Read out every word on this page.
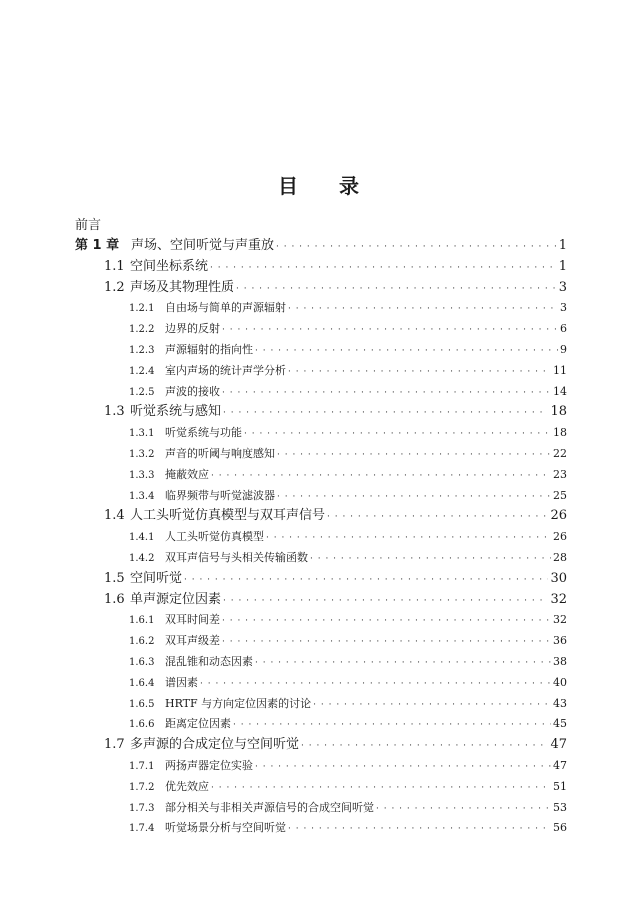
目 录
前言
第 1 章 声场、空间听觉与声重放 · · ·	1
1.1 空间坐标系统 · · ·	1
1.2 声场及其物理性质 · · ·	3
1.2.1 自由场与简单的声源辐射 · · ·	3
1.2.2 边界的反射 · · ·	6
1.2.3 声源辐射的指向性 · · ·	9
1.2.4 室内声场的统计声学分析 · · ·	11
1.2.5 声波的接收 · · ·	14
1.3 听觉系统与感知 · · ·	18
1.3.1 听觉系统与功能 · · ·	18
1.3.2 声音的听阈与响度感知 · · ·	22
1.3.3 掩蔽效应 · · ·	23
1.3.4 临界频带与听觉滤波器 · · ·	25
1.4 人工头听觉仿真模型与双耳声信号 · · ·	26
1.4.1 人工头听觉仿真模型 · · ·	26
1.4.2 双耳声信号与头相关传输函数 · · ·	28
1.5 空间听觉 · · ·	30
1.6 单声源定位因素 · · ·	32
1.6.1 双耳时间差 · · ·	32
1.6.2 双耳声级差 · · ·	36
1.6.3 混乱锥和动态因素 · · ·	38
1.6.4 谱因素 · · ·	40
1.6.5 HRTF 与方向定位因素的讨论 · · ·	43
1.6.6 距离定位因素 · · ·	45
1.7 多声源的合成定位与空间听觉 · · ·	47
1.7.1 两扬声器定位实验 · · ·	47
1.7.2 优先效应 · · ·	51
1.7.3 部分相关与非相关声源信号的合成空间听觉 · · ·	53
1.7.4 听觉场景分析与空间听觉 · · ·	56
